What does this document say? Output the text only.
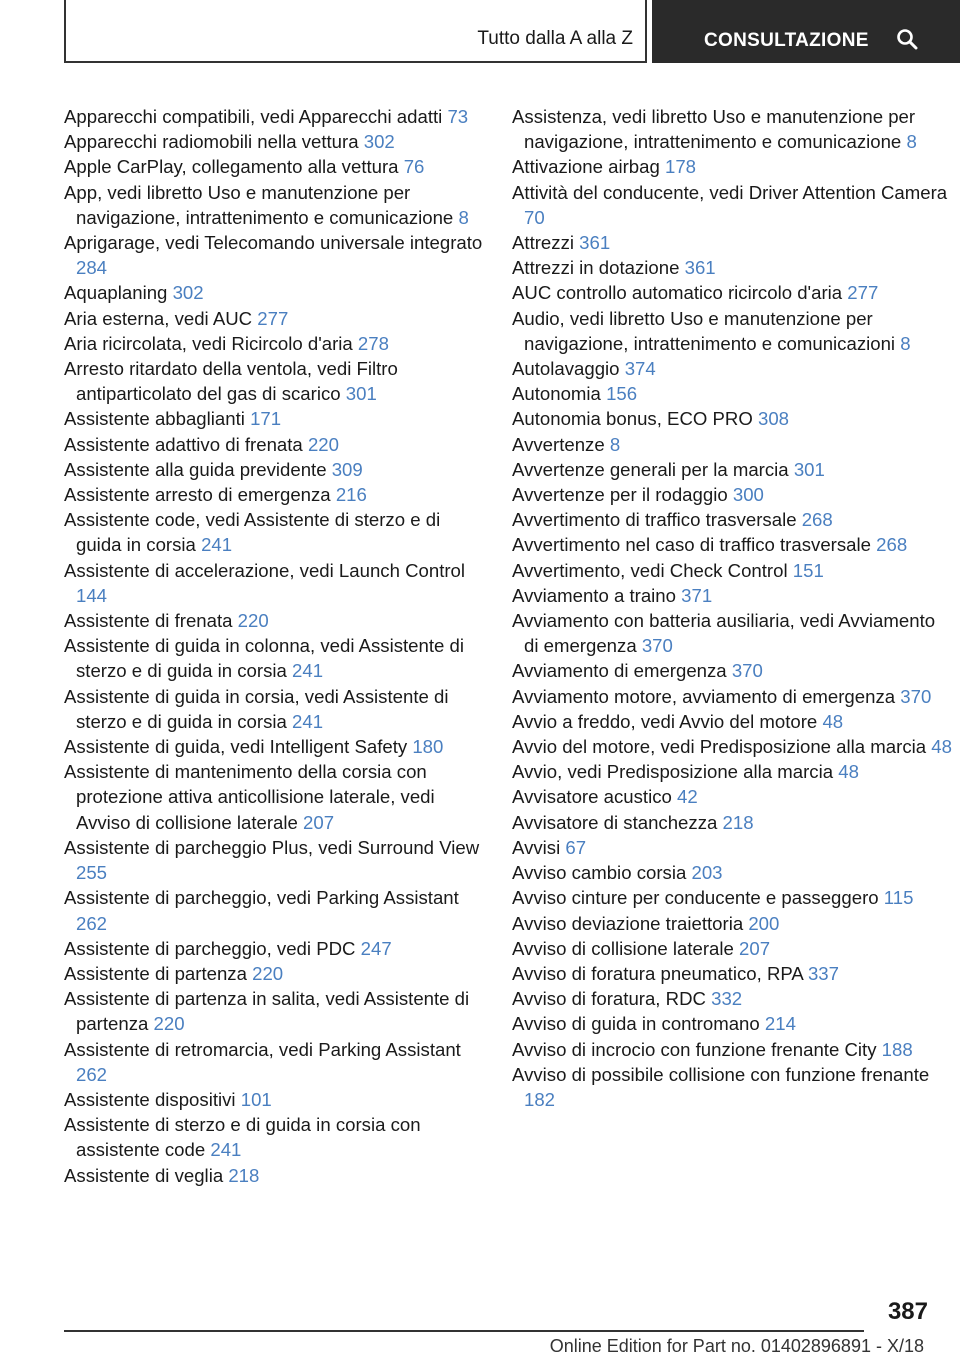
Tutto dalla A alla Z	CONSULTAZIONE
Apparecchi compatibili, vedi Apparecchi adatti 73
Apparecchi radiomobili nella vettura 302
Apple CarPlay, collegamento alla vettura 76
App, vedi libretto Uso e manutenzione per navigazione, intrattenimento e comunicazione 8
Aprigarage, vedi Telecomando universale integrato 284
Aquaplaning 302
Aria esterna, vedi AUC 277
Aria ricircolata, vedi Ricircolo d'aria 278
Arresto ritardato della ventola, vedi Filtro antiparticolato del gas di scarico 301
Assistente abbaglianti 171
Assistente adattivo di frenata 220
Assistente alla guida previdente 309
Assistente arresto di emergenza 216
Assistente code, vedi Assistente di sterzo e di guida in corsia 241
Assistente di accelerazione, vedi Launch Control 144
Assistente di frenata 220
Assistente di guida in colonna, vedi Assistente di sterzo e di guida in corsia 241
Assistente di guida in corsia, vedi Assistente di sterzo e di guida in corsia 241
Assistente di guida, vedi Intelligent Safety 180
Assistente di mantenimento della corsia con protezione attiva anticollisione laterale, vedi Avviso di collisione laterale 207
Assistente di parcheggio Plus, vedi Surround View 255
Assistente di parcheggio, vedi Parking Assistant 262
Assistente di parcheggio, vedi PDC 247
Assistente di partenza 220
Assistente di partenza in salita, vedi Assistente di partenza 220
Assistente di retromarcia, vedi Parking Assistant 262
Assistente dispositivi 101
Assistente di sterzo e di guida in corsia con assistente code 241
Assistente di veglia 218
Assistenza, vedi libretto Uso e manutenzione per navigazione, intrattenimento e comunicazione 8
Attivazione airbag 178
Attività del conducente, vedi Driver Attention Camera 70
Attrezzi 361
Attrezzi in dotazione 361
AUC controllo automatico ricircolo d'aria 277
Audio, vedi libretto Uso e manutenzione per navigazione, intrattenimento e comunicazioni 8
Autolavaggio 374
Autonomia 156
Autonomia bonus, ECO PRO 308
Avvertenze 8
Avvertenze generali per la marcia 301
Avvertenze per il rodaggio 300
Avvertimento di traffico trasversale 268
Avvertimento nel caso di traffico trasversale 268
Avvertimento, vedi Check Control 151
Avviamento a traino 371
Avviamento con batteria ausiliaria, vedi Avviamento di emergenza 370
Avviamento di emergenza 370
Avviamento motore, avviamento di emergenza 370
Avvio a freddo, vedi Avvio del motore 48
Avvio del motore, vedi Predisposizione alla marcia 48
Avvio, vedi Predisposizione alla marcia 48
Avvisatore acustico 42
Avvisatore di stanchezza 218
Avvisi 67
Avviso cambio corsia 203
Avviso cinture per conducente e passeggero 115
Avviso deviazione traiettoria 200
Avviso di collisione laterale 207
Avviso di foratura pneumatico, RPA 337
Avviso di foratura, RDC 332
Avviso di guida in contromano 214
Avviso di incrocio con funzione frenante City 188
Avviso di possibile collisione con funzione frenante 182
387
Online Edition for Part no. 01402896891 - X/18
